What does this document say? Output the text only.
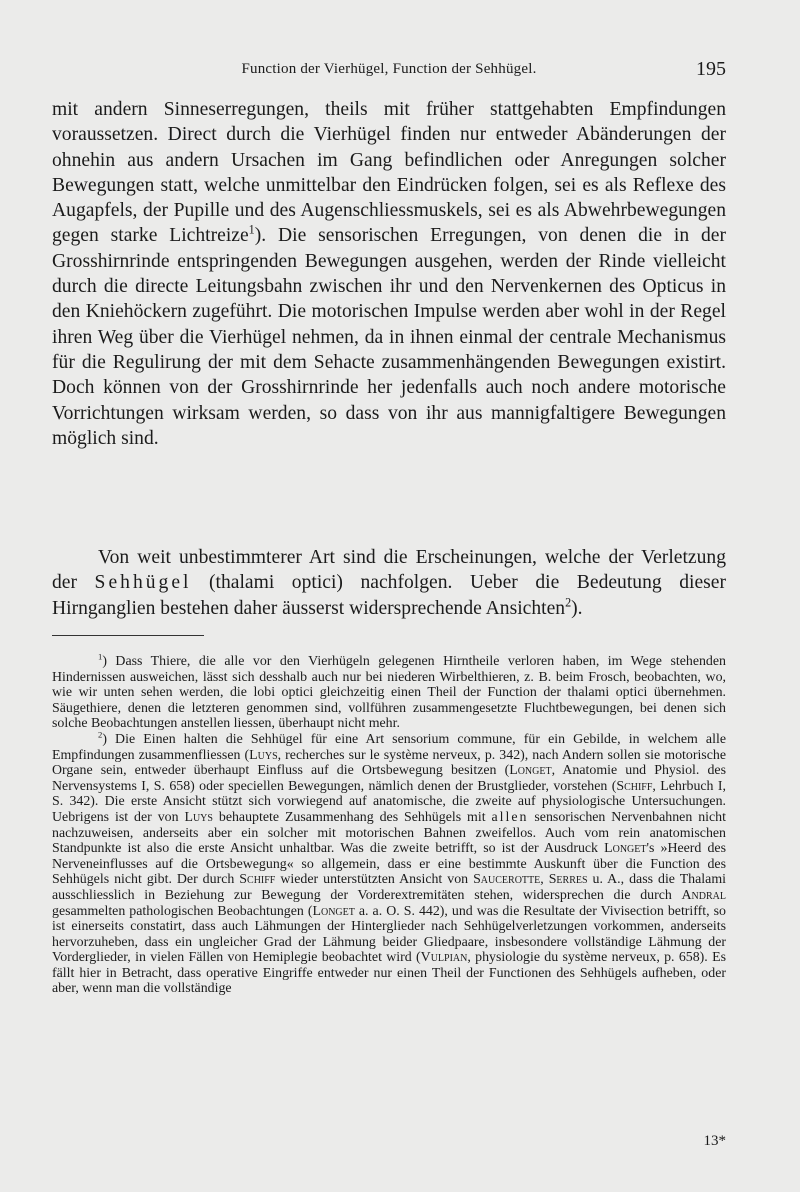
Function der Vierhügel, Function der Sehhügel.	195
mit andern Sinneserregungen, theils mit früher stattgehabten Empfindungen voraussetzen. Direct durch die Vierhügel finden nur entweder Abänderungen der ohnehin aus andern Ursachen im Gang befindlichen oder Anregungen solcher Bewegungen statt, welche unmittelbar den Eindrücken folgen, sei es als Reflexe des Augapfels, der Pupille und des Augenschliessmuskels, sei es als Abwehrbewegungen gegen starke Lichtreize$^1$). Die sensorischen Erregungen, von denen die in der Grosshirnrinde entspringenden Bewegungen ausgehen, werden der Rinde vielleicht durch die directe Leitungsbahn zwischen ihr und den Nervenkernen des Opticus in den Kniehöckern zugeführt. Die motorischen Impulse werden aber wohl in der Regel ihren Weg über die Vierhügel nehmen, da in ihnen einmal der centrale Mechanismus für die Regulirung der mit dem Sehacte zusammenhängenden Bewegungen existirt. Doch können von der Grosshirnrinde her jedenfalls auch noch andere motorische Vorrichtungen wirksam werden, so dass von ihr aus mannigfaltigere Bewegungen möglich sind.
Von weit unbestimmterer Art sind die Erscheinungen, welche der Verletzung der Sehhügel (thalami optici) nachfolgen. Ueber die Bedeutung dieser Hirnganglien bestehen daher äusserst widersprechende Ansichten$^2$).

$^1$) Dass Thiere, die alle vor den Vierhügeln gelegenen Hirntheile verloren haben, im Wege stehenden Hindernissen ausweichen, lässt sich desshalb auch nur bei niederen Wirbelthieren, z. B. beim Frosch, beobachten, wo, wie wir unten sehen werden, die lobi optici gleichzeitig einen Theil der Function der thalami optici übernehmen. Säugethiere, denen die letzteren genommen sind, vollführen zusammengesetzte Fluchtbewegungen, bei denen sich solche Beobachtungen anstellen liessen, überhaupt nicht mehr.

$^2$) Die Einen halten die Sehhügel für eine Art sensorium commune, für ein Gebilde, in welchem alle Empfindungen zusammenfliessen (Luys, recherches sur le système nerveux, p. 342), nach Andern sollen sie motorische Organe sein, entweder überhaupt Einfluss auf die Ortsbewegung besitzen (Longet, Anatomie und Physiol. des Nervensystems I, S. 658) oder speciellen Bewegungen, nämlich denen der Brustglieder, vorstehen (Schiff, Lehrbuch I, S. 342). Die erste Ansicht stützt sich vorwiegend auf anatomische, die zweite auf physiologische Untersuchungen. Uebrigens ist der von Luys behauptete Zusammenhang des Sehhügels mit allen sensorischen Nervenbahnen nicht nachzuweisen, anderseits aber ein solcher mit motorischen Bahnen zweifellos. Auch vom rein anatomischen Standpunkte ist also die erste Ansicht unhaltbar. Was die zweite betrifft, so ist der Ausdruck Longet's »Heerd des Nerveneinflusses auf die Ortsbewegung« so allgemein, dass er eine bestimmte Auskunft über die Function des Sehhügels nicht gibt. Der durch Schiff wieder unterstützten Ansicht von Saucerotte, Serres u. A., dass die Thalami ausschliesslich in Beziehung zur Bewegung der Vorderextremitäten stehen, widersprechen die durch Andral gesammelten pathologischen Beobachtungen (Longet a. a. O. S. 442), und was die Resultate der Vivisection betrifft, so ist einerseits constatirt, dass auch Lähmungen der Hinterglieder nach Sehhügelverletzungen vorkommen, anderseits hervorzuheben, dass ein ungleicher Grad der Lähmung beider Gliedpaare, insbesondere vollständige Lähmung der Vorderglieder, in vielen Fällen von Hemiplegie beobachtet wird (Vulpian, physiologie du système nerveux, p. 658). Es fällt hier in Betracht, dass operative Eingriffe entweder nur einen Theil der Functionen des Sehhügels aufheben, oder aber, wenn man die vollständige

13*
